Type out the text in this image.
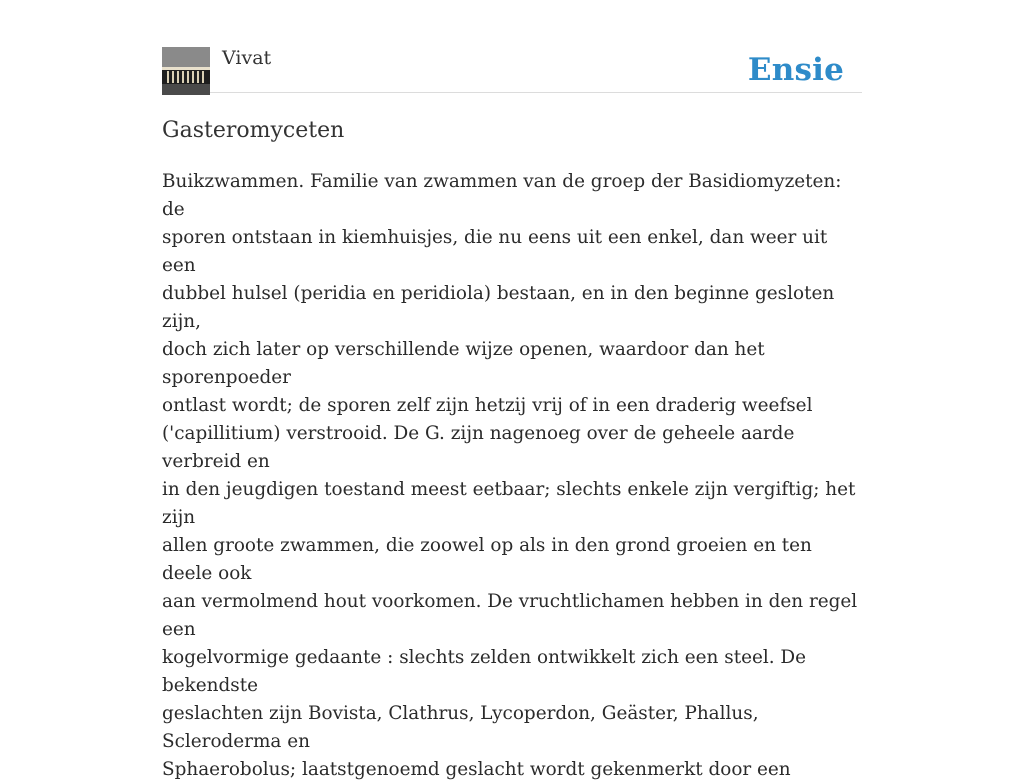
Vivat	Ensie
Gasteromyceten

Buikzwammen. Familie van zwammen van de groep der Basidiomyzeten: de
sporen ontstaan in kiemhuisjes, die nu eens uit een enkel, dan weer uit een
dubbel hulsel (peridia en peridiola) bestaan, en in den beginne gesloten zijn,
doch zich later op verschillende wijze openen, waardoor dan het sporenpoeder
ontlast wordt; de sporen zelf zijn hetzij vrij of in een draderig weefsel
('capillitium) verstrooid. De G. zijn nagenoeg over de geheele aarde verbreid en
in den jeugdigen toestand meest eetbaar; slechts enkele zijn vergiftig; het zijn
allen groote zwammen, die zoowel op als in den grond groeien en ten deele ook
aan vermolmend hout voorkomen. De vruchtlichamen hebben in den regel een
kogelvormige gedaante : slechts zelden ontwikkelt zich een steel. De bekendste
geslachten zijn Bovista, Clathrus, Lycoperdon, Geäster, Phallus, Scleroderma en
Sphaerobolus; laatstgenoemd geslacht wordt gekenmerkt door een
